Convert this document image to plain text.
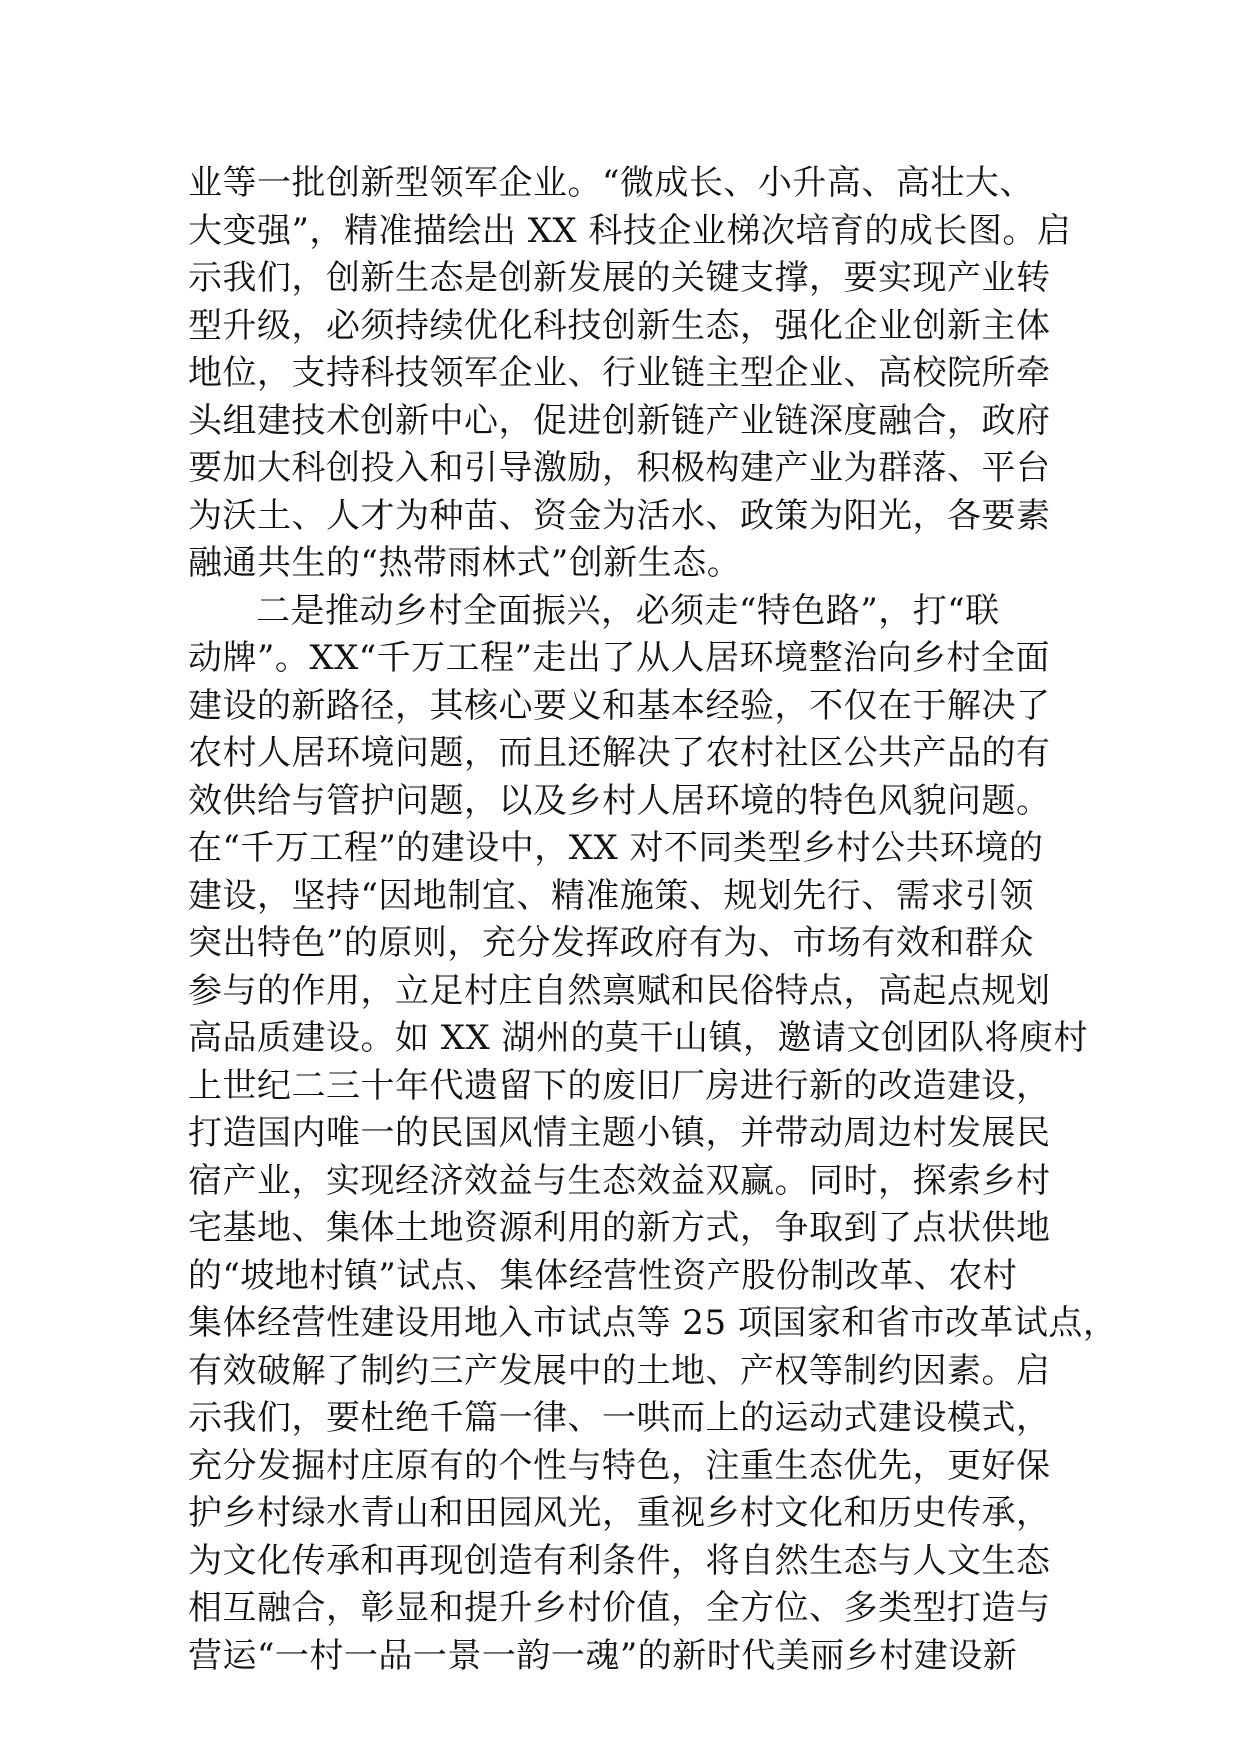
业等一批创新型领军企业。“微成长、小升高、高壮大、
大变强”，精准描绘出 XX 科技企业梯次培育的成长图。启
示我们，创新生态是创新发展的关键支撑，要实现产业转
型升级，必须持续优化科技创新生态，强化企业创新主体
地位，支持科技领军企业、行业链主型企业、高校院所牵
头组建技术创新中心，促进创新链产业链深度融合，政府
要加大科创投入和引导激励，积极构建产业为群落、平台
为沃土、人才为种苗、资金为活水、政策为阳光，各要素
融通共生的“热带雨林式”创新生态。
二是推动乡村全面振兴，必须走“特色路”，打“联
动牌”。XX“千万工程”走出了从人居环境整治向乡村全面
建设的新路径，其核心要义和基本经验，不仅在于解决了
农村人居环境问题，而且还解决了农村社区公共产品的有
效供给与管护问题，以及乡村人居环境的特色风貌问题。
在“千万工程”的建设中，XX 对不同类型乡村公共环境的
建设，坚持“因地制宜、精准施策、规划先行、需求引领
突出特色”的原则，充分发挥政府有为、市场有效和群众
参与的作用，立足村庄自然禀赋和民俗特点，高起点规划
高品质建设。如 XX 湖州的莫干山镇，邀请文创团队将庾村
上世纪二三十年代遗留下的废旧厂房进行新的改造建设，
打造国内唯一的民国风情主题小镇，并带动周边村发展民
宿产业，实现经济效益与生态效益双赢。同时，探索乡村
宅基地、集体土地资源利用的新方式，争取到了点状供地
的“坡地村镇”试点、集体经营性资产股份制改革、农村
集体经营性建设用地入市试点等 25 项国家和省市改革试点，
有效破解了制约三产发展中的土地、产权等制约因素。启
示我们，要杜绝千篇一律、一哄而上的运动式建设模式，
充分发掘村庄原有的个性与特色，注重生态优先，更好保
护乡村绿水青山和田园风光，重视乡村文化和历史传承，
为文化传承和再现创造有利条件，将自然生态与人文生态
相互融合，彰显和提升乡村价值，全方位、多类型打造与
营运“一村一品一景一韵一魂”的新时代美丽乡村建设新
